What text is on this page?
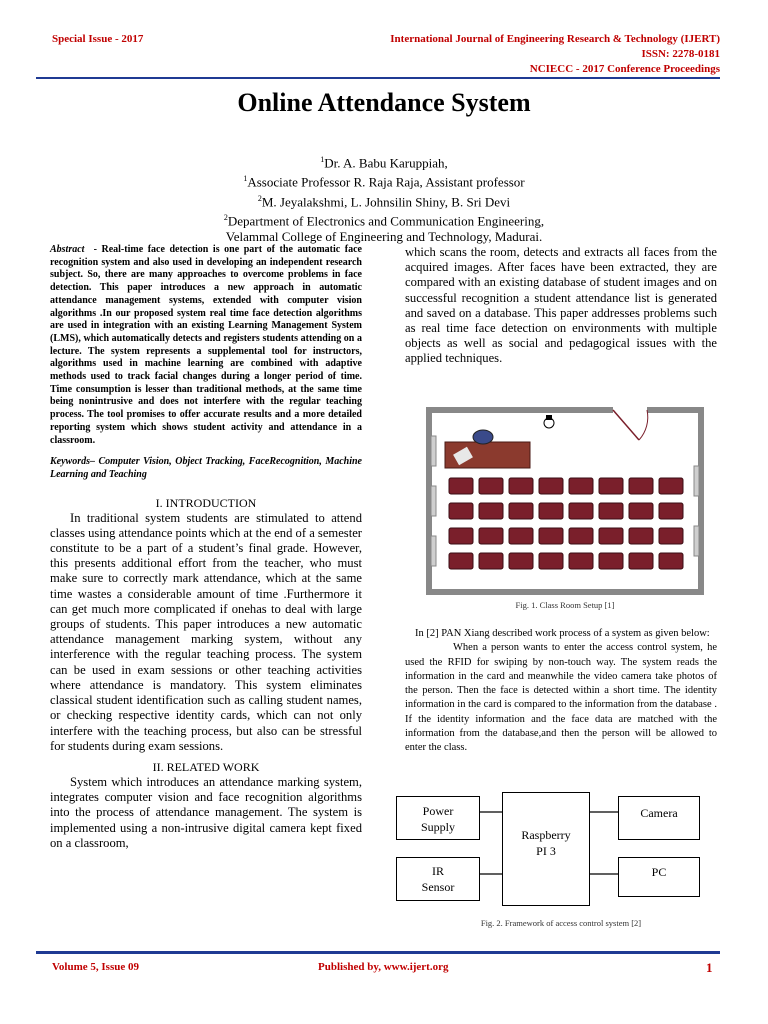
Special Issue - 2017	International Journal of Engineering Research & Technology (IJERT)
ISSN: 2278-0181
NCIECC - 2017 Conference Proceedings
Online Attendance System
$^1$Dr. A. Babu Karuppiah,
$^1$Associate Professor R. Raja Raja, Assistant professor
$^2$M. Jeyalakshmi, L. Johnsilin Shiny, B. Sri Devi
$^2$Department of Electronics and Communication Engineering,
Velammal College of Engineering and Technology, Madurai.

Abstract - Real-time face detection is one part of the automatic face recognition system and also used in developing an independent research subject. So, there are many approaches to overcome problems in face detection. This paper introduces a new approach in automatic attendance management systems, extended with computer vision algorithms .In our proposed system real time face detection algorithms are used in integration with an existing Learning Management System (LMS), which automatically detects and registers students attending on a lecture. The system represents a supplemental tool for instructors, algorithms used in machine learning are combined with adaptive methods used to track facial changes during a longer period of time. Time consumption is lesser than traditional methods, at the same time being nonintrusive and does not interfere with the regular teaching process. The tool promises to offer accurate results and a more detailed reporting system which shows student activity and attendance in a classroom.

Keywords– Computer Vision, Object Tracking, FaceRecognition, Machine Learning and Teaching

I. INTRODUCTION

In traditional system students are stimulated to attend classes using attendance points which at the end of a semester constitute to be a part of a student’s final grade. However, this presents additional effort from the teacher, who must make sure to correctly mark attendance, which at the same time wastes a considerable amount of time .Furthermore it can get much more complicated if onehas to deal with large groups of students. This paper introduces a new automatic attendance management marking system, without any interference with the regular teaching process. The system can be used in exam sessions or other teaching activities where attendance is mandatory. This system eliminates classical student identification such as calling student names, or checking respective identity cards, which can not only interfere with the teaching process, but also can be stressful for students during exam sessions.

II. RELATED WORK

System which introduces an attendance marking system, integrates computer vision and face recognition algorithms into the process of attendance management. The system is implemented using a non-intrusive digital camera kept fixed on a classroom,

which scans the room, detects and extracts all faces from the acquired images. After faces have been extracted, they are compared with an existing database of student images and on successful recognition a student attendance list is generated and saved on a database. This paper addresses problems such as real time face detection on environments with multiple objects as well as social and pedagogical issues with the applied techniques.

Fig. 1. Class Room Setup [1]

In [2] PAN Xiang described work process of a system as given below:

When a person wants to enter the access control system, he used the RFID for swiping by non-touch way. The system reads the information in the card and meanwhile the video camera take photos of the person. Then the face is detected within a short time. The identity information in the card is compared to the information from the database . If the identity information and the face data are matched with the information from the database,and then the person will be allowed to enter the class.

Power
Supply
IR
Sensor
Raspberry
PI 3
Camera
PC
Fig. 2. Framework of access control system [2]
Volume 5, Issue 09	Published by, www.ijert.org	1
